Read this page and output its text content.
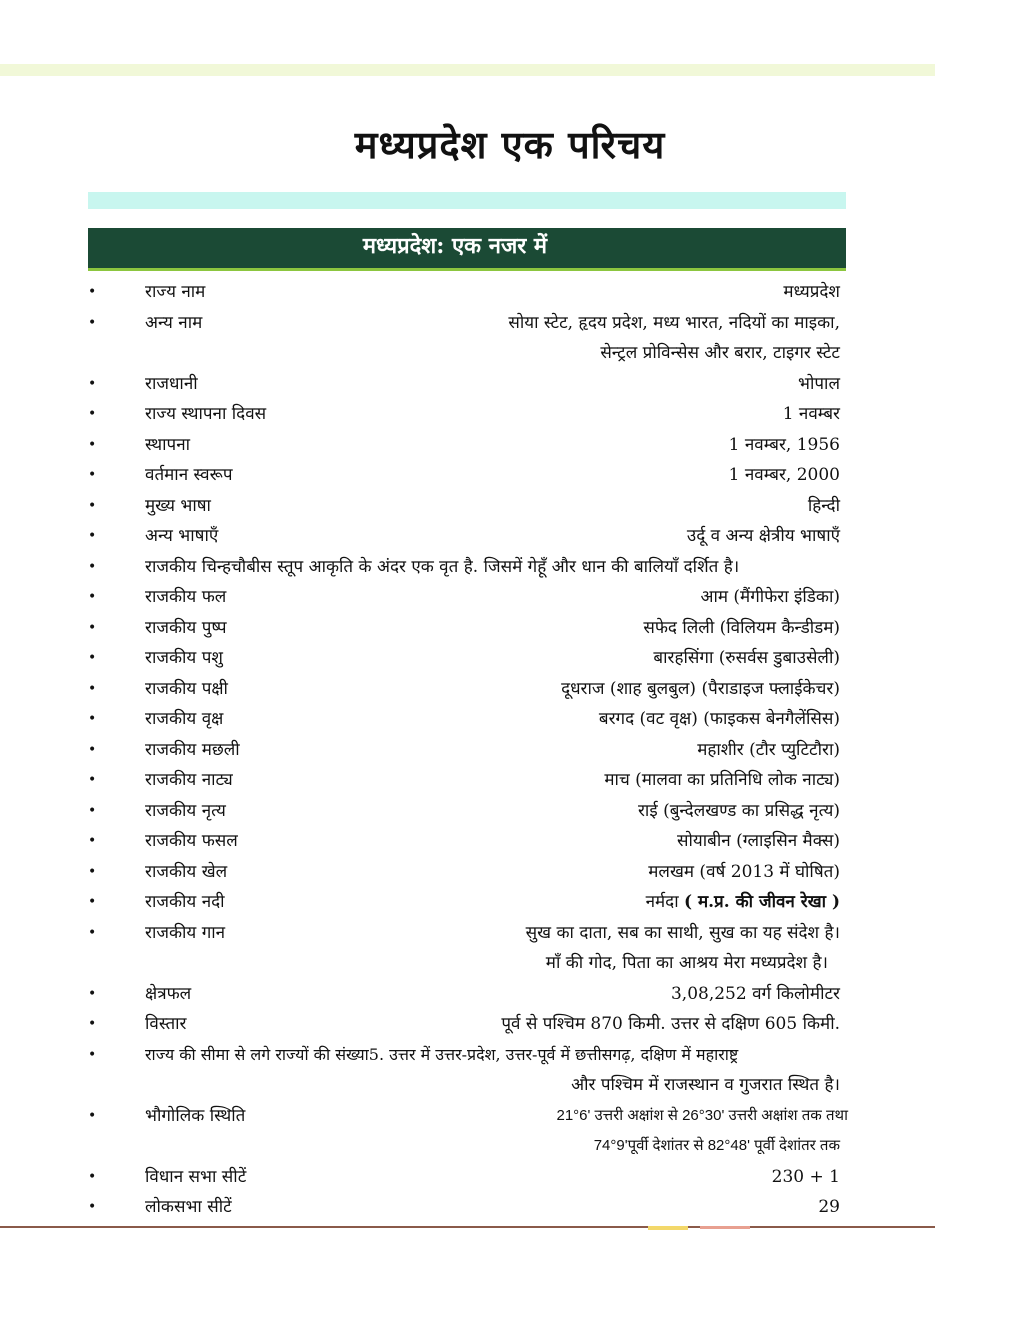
मध्यप्रदेश एक परिचय
मध्यप्रदेश: एक नजर में
•	राज्य नाम	मध्यप्रदेश
•	अन्य नाम	सोया स्टेट, हृदय प्रदेश, मध्य भारत, नदियों का माइका,
सेन्ट्रल प्रोविन्सेस और बरार, टाइगर स्टेट
•	राजधानी	भोपाल
•	राज्य स्थापना दिवस	1 नवम्बर
•	स्थापना	1 नवम्बर, 1956
•	वर्तमान स्वरूप	1 नवम्बर, 2000
•	मुख्य भाषा	हिन्दी
•	अन्य भाषाएँ	उर्दू व अन्य क्षेत्रीय भाषाएँ
•	राजकीय चिन्हचौबीस स्तूप आकृति के अंदर एक वृत है. जिसमें गेहूँ और धान की बालियाँ दर्शित है।
•	राजकीय फल	आम (मैंगीफेरा इंडिका)
•	राजकीय पुष्प	सफेद लिली (विलियम कैन्डीडम)
•	राजकीय पशु	बारहसिंगा (रुसर्वस डुबाउसेली)
•	राजकीय पक्षी	दूधराज (शाह बुलबुल) (पैराडाइज फ्लाईकेचर)
•	राजकीय वृक्ष	बरगद (वट वृक्ष) (फाइकस बेनगैलेंसिस)
•	राजकीय मछली	महाशीर (टौर प्युटिटौरा)
•	राजकीय नाट्य	माच (मालवा का प्रतिनिधि लोक नाट्य)
•	राजकीय नृत्य	राई (बुन्देलखण्ड का प्रसिद्ध नृत्य)
•	राजकीय फसल	सोयाबीन (ग्लाइसिन मैक्स)
•	राजकीय खेल	मलखम (वर्ष 2013 में घोषित)
•	राजकीय नदी	नर्मदा ( म.प्र. की जीवन रेखा )
•	राजकीय गान	सुख का दाता, सब का साथी, सुख का यह संदेश है।
माँ की गोद, पिता का आश्रय मेरा मध्यप्रदेश है।
•	क्षेत्रफल	3,08,252 वर्ग किलोमीटर
•	विस्तार	पूर्व से पश्चिम 870 किमी. उत्तर से दक्षिण 605 किमी.
•	राज्य की सीमा से लगे राज्यों की संख्या5. उत्तर में उत्तर-प्रदेश, उत्तर-पूर्व में छत्तीसगढ़, दक्षिण में महाराष्ट्र
और पश्चिम में राजस्थान व गुजरात स्थित है।
•	भौगोलिक स्थिति	21°6' उत्तरी अक्षांश से 26°30' उत्तरी अक्षांश तक तथा
74°9'पूर्वी देशांतर से 82°48' पूर्वी देशांतर तक
•	विधान सभा सीटें	230 + 1
•	लोकसभा सीटें	29
